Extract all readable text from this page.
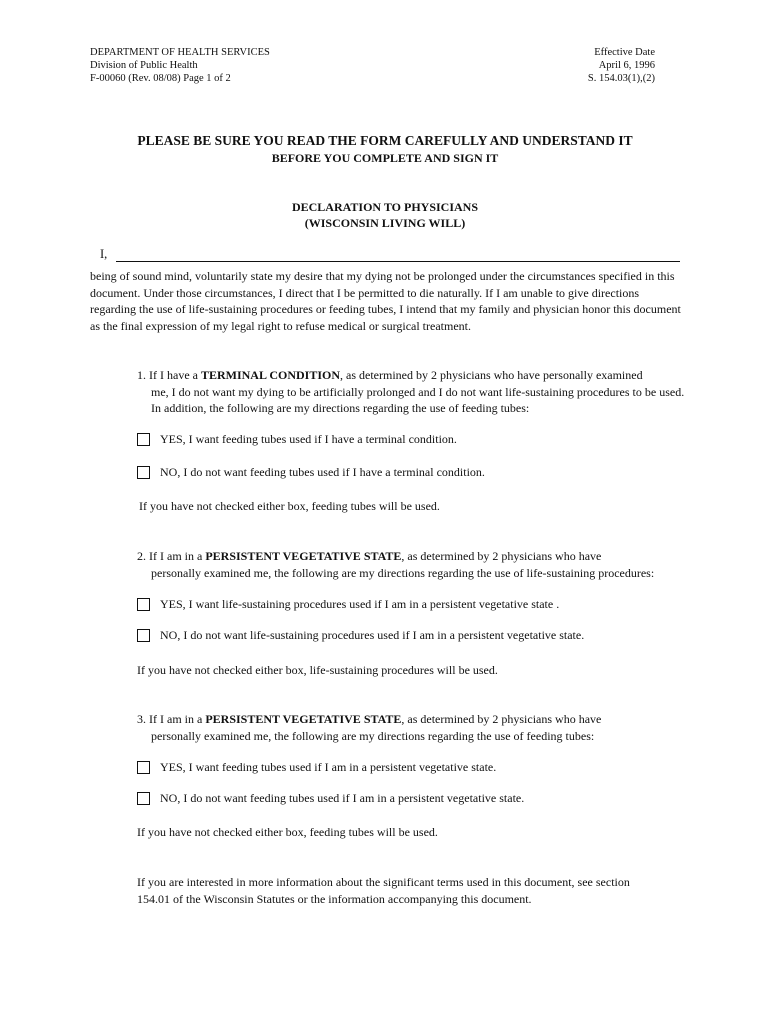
DEPARTMENT OF HEALTH SERVICES
Division of Public Health
F-00060 (Rev. 08/08) Page 1 of 2
Effective Date
April 6, 1996
S. 154.03(1),(2)
PLEASE BE SURE YOU READ THE FORM CAREFULLY AND UNDERSTAND IT
BEFORE YOU COMPLETE AND SIGN IT
DECLARATION TO PHYSICIANS
(WISCONSIN LIVING WILL)
I,
being of sound mind, voluntarily state my desire that my dying not be prolonged under the circumstances specified in this document. Under those circumstances, I direct that I be permitted to die naturally. If I am unable to give directions regarding the use of life-sustaining procedures or feeding tubes, I intend that my family and physician honor this document as the final expression of my legal right to refuse medical or surgical treatment.
1. If I have a TERMINAL CONDITION, as determined by 2 physicians who have personally examined
me, I do not want my dying to be artificially prolonged and I do not want life-sustaining procedures to be used.
In addition, the following are my directions regarding the use of feeding tubes:
YES, I want feeding tubes used if I have a terminal condition.
NO, I do not want feeding tubes used if I have a terminal condition.
If you have not checked either box, feeding tubes will be used.
2. If I am in a PERSISTENT VEGETATIVE STATE, as determined by 2 physicians who have
personally examined me, the following are my directions regarding the use of life-sustaining procedures:
YES, I want life-sustaining procedures used if I am in a persistent vegetative state .
NO, I do not want life-sustaining procedures used if I am in a persistent vegetative state.
If you have not checked either box, life-sustaining procedures will be used.
3. If I am in a PERSISTENT VEGETATIVE STATE, as determined by 2 physicians who have
personally examined me, the following are my directions regarding the use of feeding tubes:
YES, I want feeding tubes used if I am in a persistent vegetative state.
NO, I do not want feeding tubes used if I am in a persistent vegetative state.
If you have not checked either box, feeding tubes will be used.
If you are interested in more information about the significant terms used in this document, see section
154.01 of the Wisconsin Statutes or the information accompanying this document.
